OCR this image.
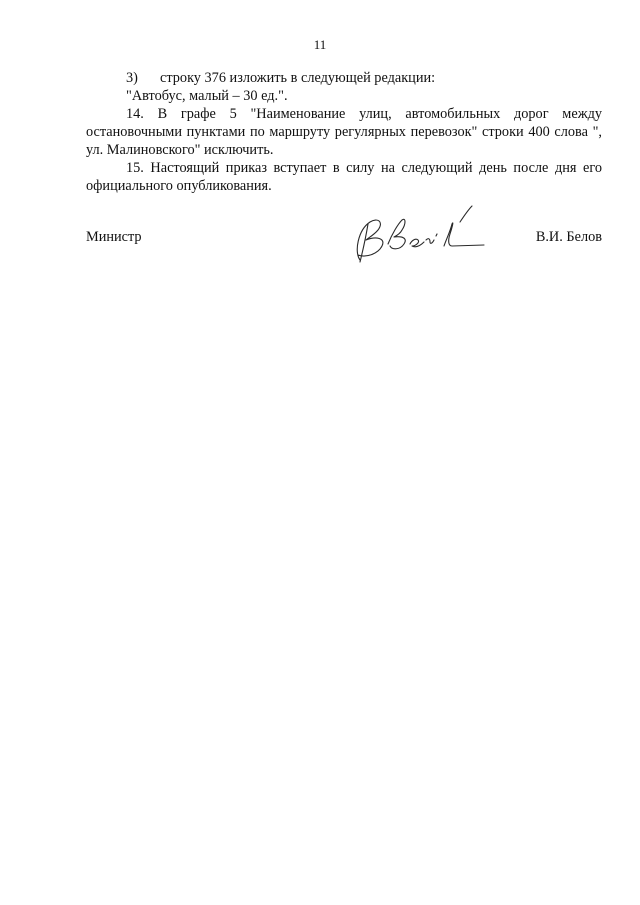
11

3) строку 376 изложить в следующей редакции:

"Автобус, малый – 30 ед.".

14. В графе 5 "Наименование улиц, автомобильных дорог между остановочными пунктами по маршруту регулярных перевозок" строки 400 слова ", ул. Малиновского" исключить.

15. Настоящий приказ вступает в силу на следующий день после дня его официального опубликования.

Министр	В.И. Белов
